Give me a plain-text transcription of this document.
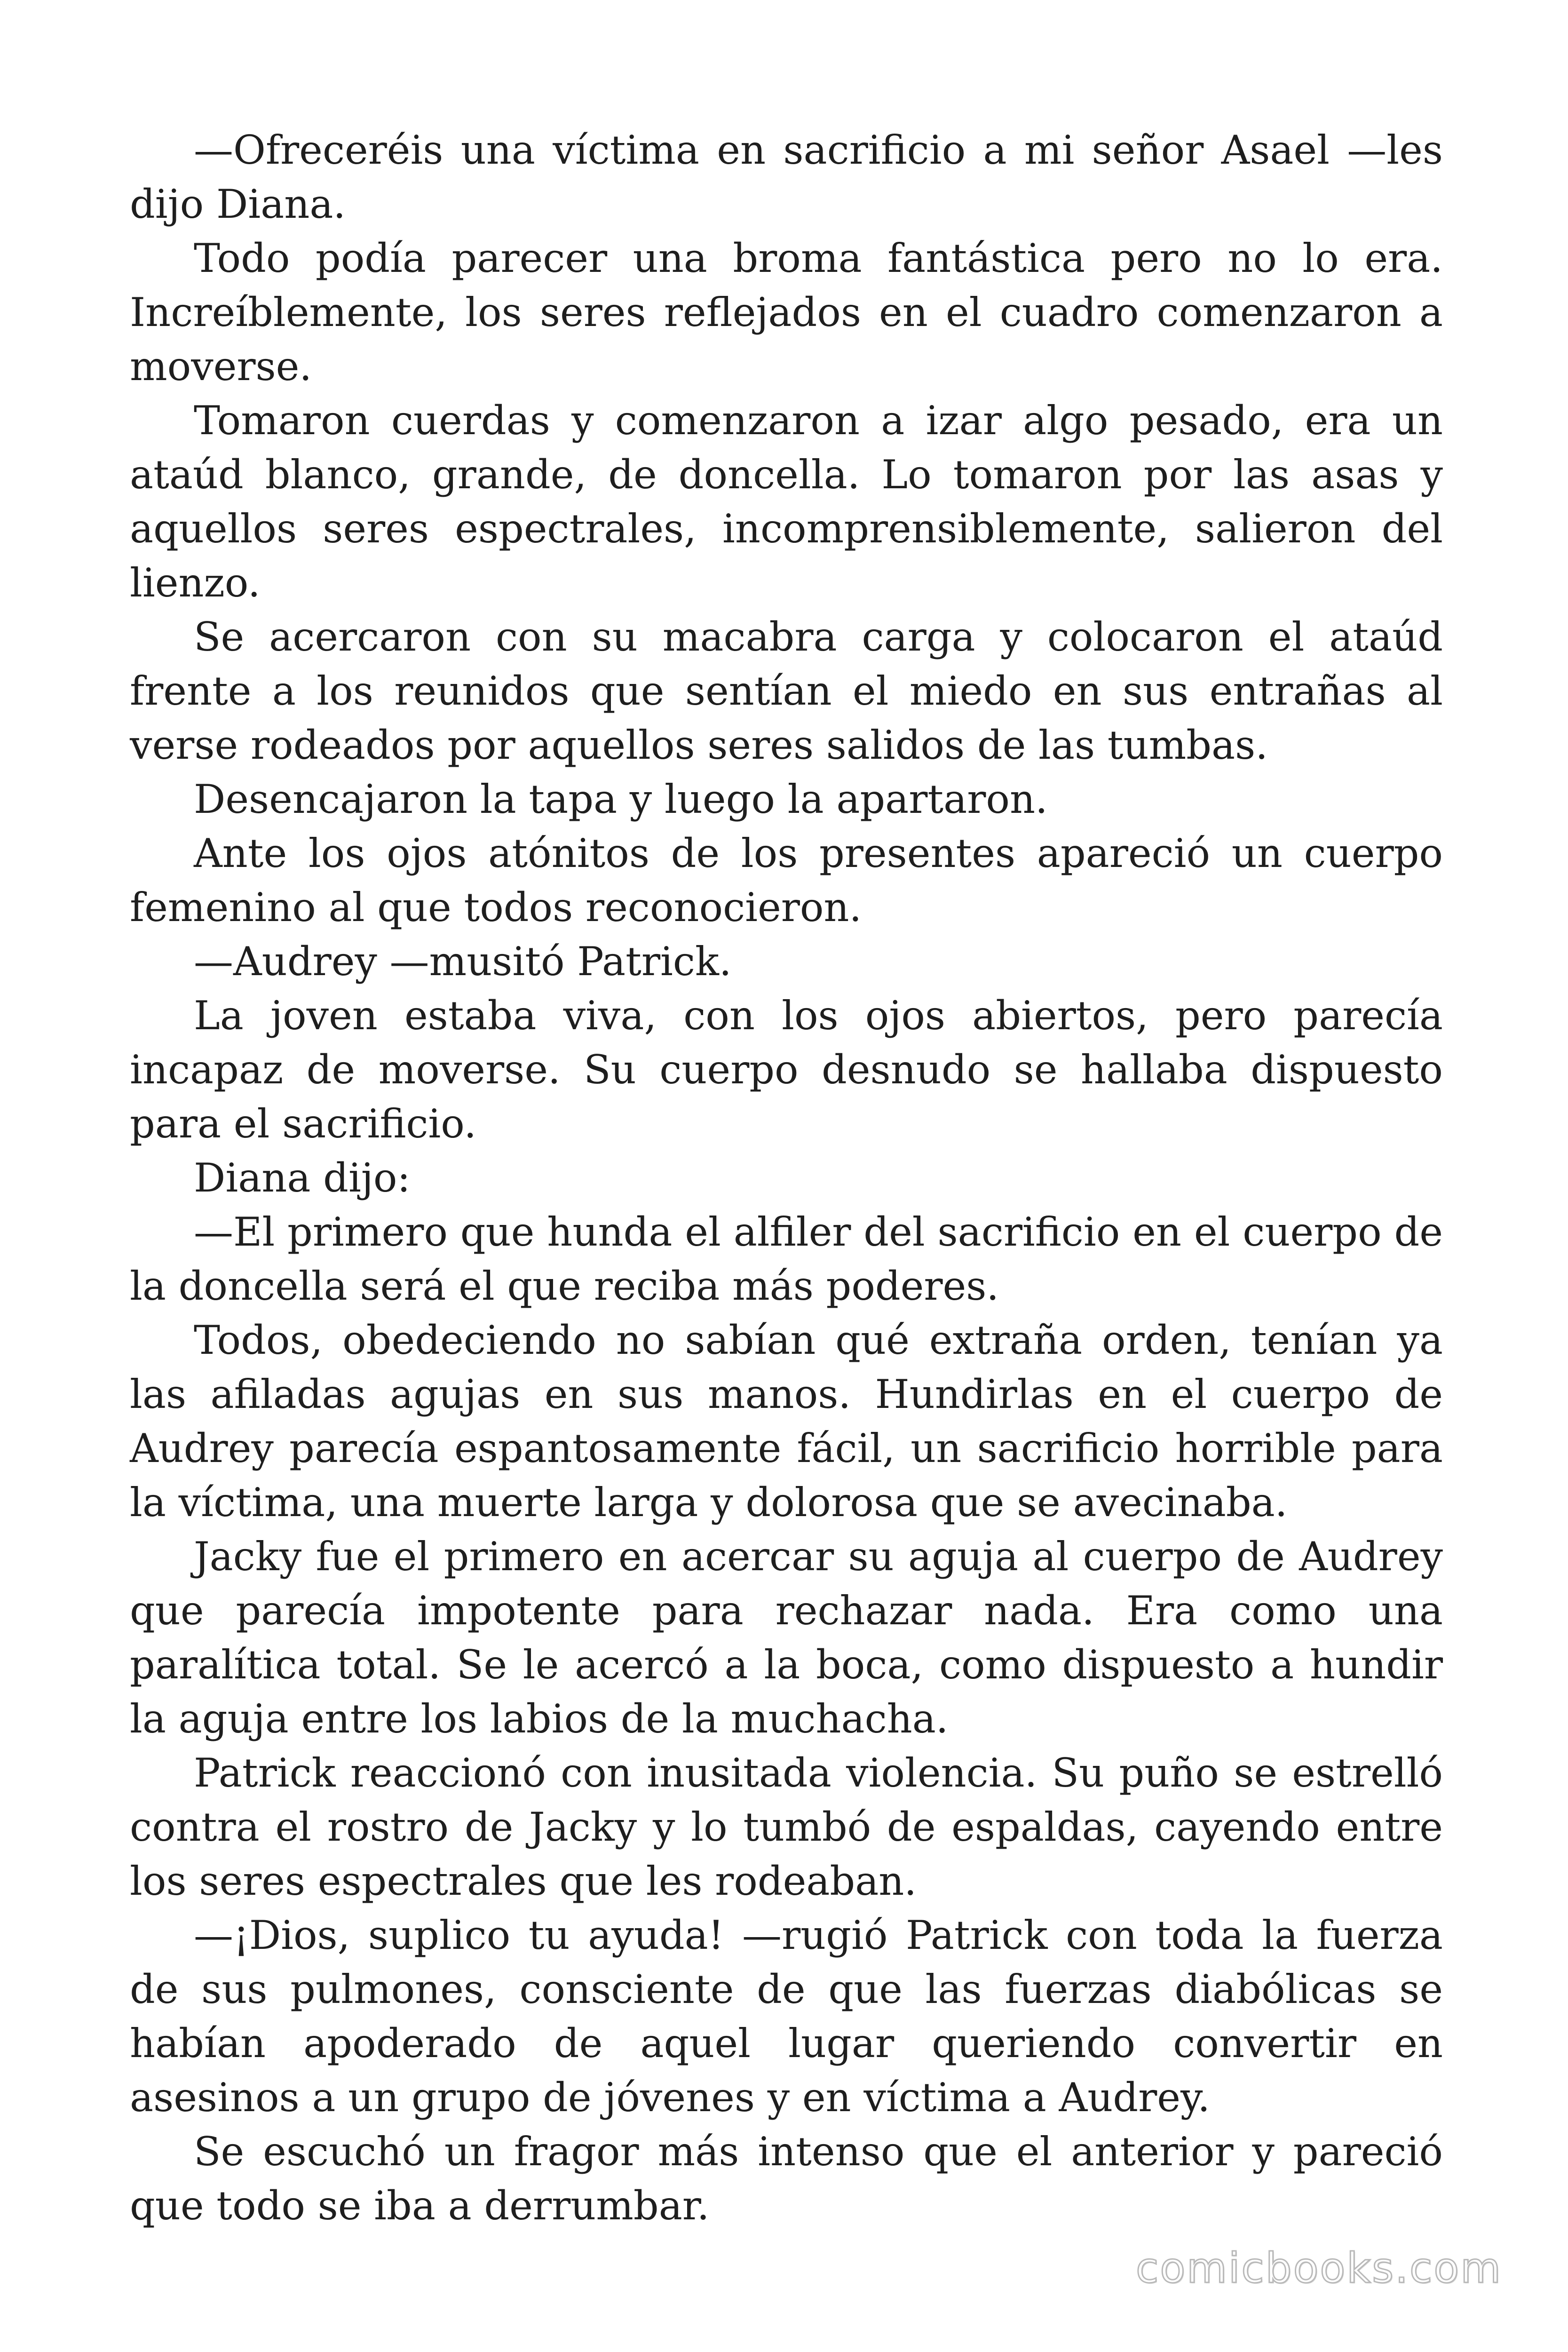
—Ofreceréis una víctima en sacrificio a mi señor Asael —les dijo Diana.

Todo podía parecer una broma fantástica pero no lo era. Increíblemente, los seres reflejados en el cuadro comenzaron a moverse.

Tomaron cuerdas y comenzaron a izar algo pesado, era un ataúd blanco, grande, de doncella. Lo tomaron por las asas y aquellos seres espectrales, incomprensiblemente, salieron del lienzo.

Se acercaron con su macabra carga y colocaron el ataúd frente a los reunidos que sentían el miedo en sus entrañas al verse rodeados por aquellos seres salidos de las tumbas.

Desencajaron la tapa y luego la apartaron.

Ante los ojos atónitos de los presentes apareció un cuerpo femenino al que todos reconocieron.

—Audrey —musitó Patrick.

La joven estaba viva, con los ojos abiertos, pero parecía incapaz de moverse. Su cuerpo desnudo se hallaba dispuesto para el sacrificio.

Diana dijo:

—El primero que hunda el alfiler del sacrificio en el cuerpo de la doncella será el que reciba más poderes.

Todos, obedeciendo no sabían qué extraña orden, tenían ya las afiladas agujas en sus manos. Hundirlas en el cuerpo de Audrey parecía espantosamente fácil, un sacrificio horrible para la víctima, una muerte larga y dolorosa que se avecinaba.

Jacky fue el primero en acercar su aguja al cuerpo de Audrey que parecía impotente para rechazar nada. Era como una paralítica total. Se le acercó a la boca, como dispuesto a hundir la aguja entre los labios de la muchacha.

Patrick reaccionó con inusitada violencia. Su puño se estrelló contra el rostro de Jacky y lo tumbó de espaldas, cayendo entre los seres espectrales que les rodeaban.

—¡Dios, suplico tu ayuda! —rugió Patrick con toda la fuerza de sus pulmones, consciente de que las fuerzas diabólicas se habían apoderado de aquel lugar queriendo convertir en asesinos a un grupo de jóvenes y en víctima a Audrey.

Se escuchó un fragor más intenso que el anterior y pareció que todo se iba a derrumbar.

comicbooks.com
